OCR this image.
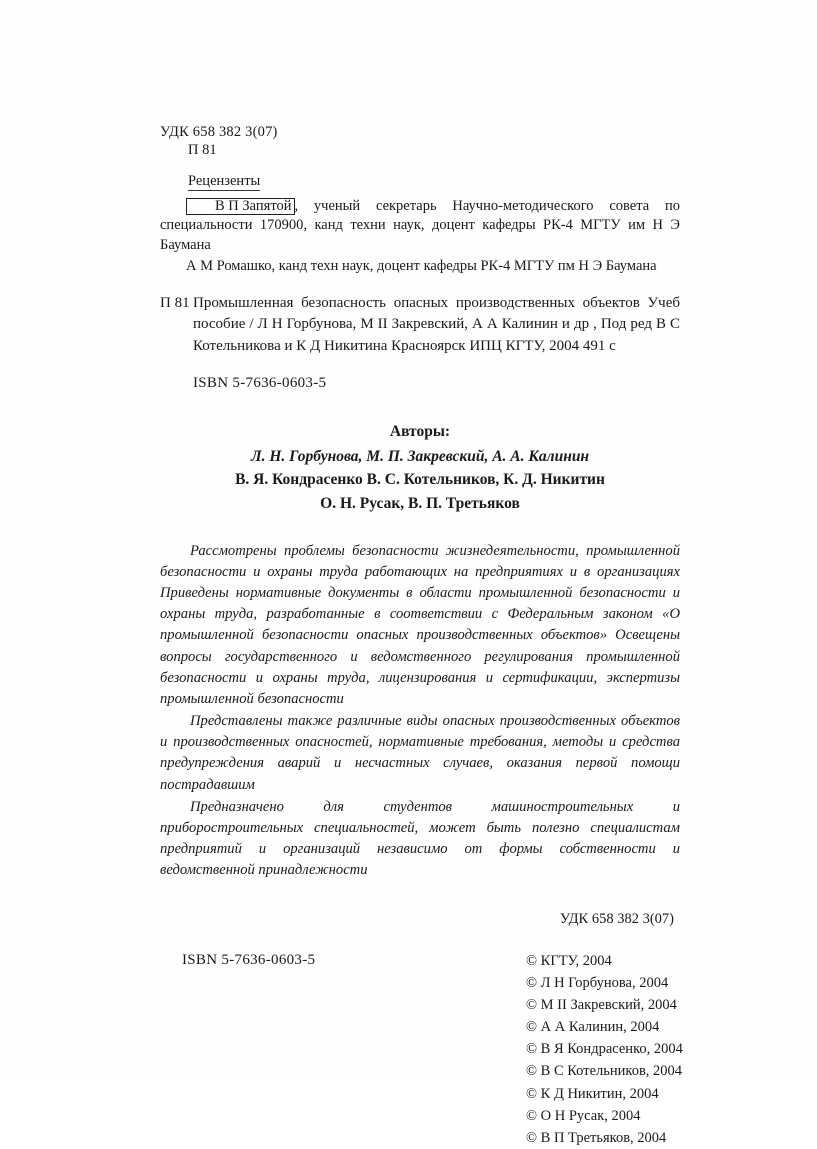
УДК 658 382 3(07)
П 81
Рецензенты

В П Запятой , ученый секретарь Научно-методического совета по специальности 170900, канд техни наук, доцент кафедры РК-4 МГТУ им Н Э Баумана

А М Ромашко, канд техн наук, доцент кафедры РК-4 МГТУ пм Н Э Баумана

П 81 Промышленная безопасность опасных производственных объектов Учеб пособие / Л Н Горбунова, М II Закревский, А А Калинин и др , Под ред В С Котельникова и К Д Никитина Красноярск ИПЦ КГТУ, 2004 491 с
ISBN 5-7636-0603-5
Авторы:
Л. Н. Горбунова, М. П. Закревский, А. А. Калинин
В. Я. Кондрасенко В. С. Котельников, К. Д. Никитин
О. Н. Русак, В. П. Третьяков

Рассмотрены проблемы безопасности жизнедеятельности, промышленной безопасности и охраны труда работающих на предприятиях и в организациях Приведены нормативные документы в области промышленной безопасности и охраны труда, разработанные в соответствии с Федеральным законом «О промышленной безопасности опасных производственных объектов» Освещены вопросы государственного и ведомственного регулирования промышленной безопасности и охраны труда, лицензирования и сертификации, экспертизы промышленной безопасности

Представлены также различные виды опасных производственных объектов и производственных опасностей, нормативные требования, методы и средства предупреждения аварий и несчастных случаев, оказания первой помощи пострадавшим

Предназначено для студентов машиностроительных и приборостроительных специальностей, может быть полезно специалистам предприятий и организаций независимо от формы собственности и ведомственной принадлежности

УДК 658 382 3(07)
ISBN 5-7636-0603-5	© КГТУ, 2004
© Л Н Горбунова, 2004
© М II Закревский, 2004
© А А Калинин, 2004
© В Я Кондрасенко, 2004
© В С Котельников, 2004
© К Д Никитин, 2004
© О Н Русак, 2004
© В П Третьяков, 2004
